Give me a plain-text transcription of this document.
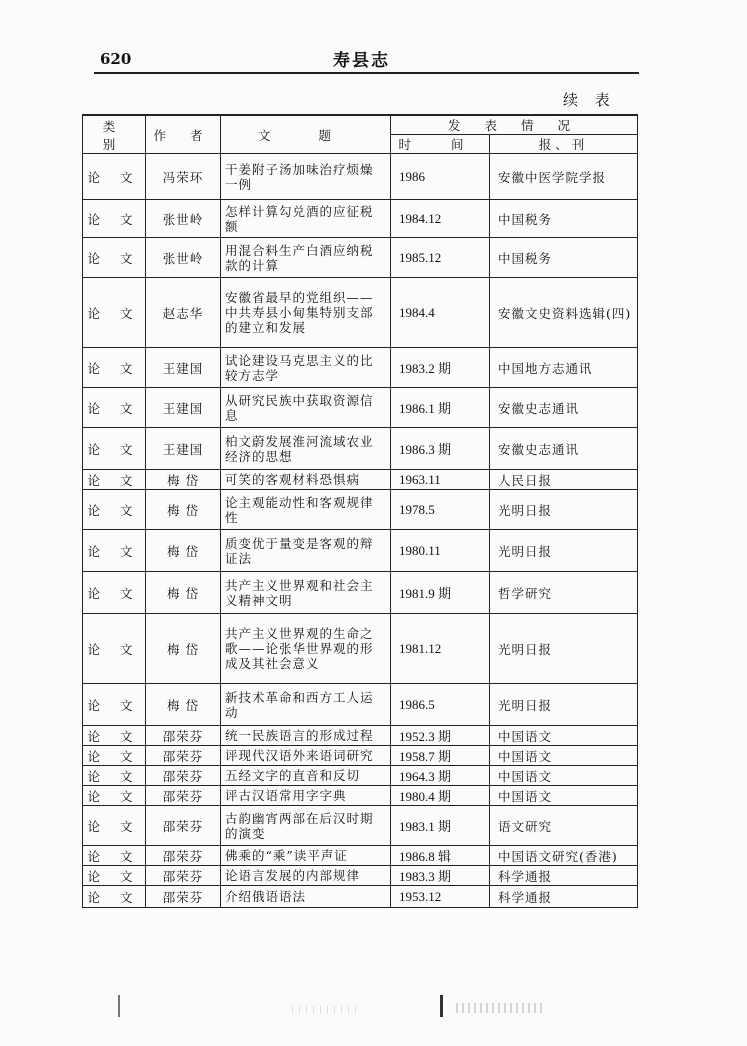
620	寿县志
续 表
类 别	作 者	文 题	发 表 情 况	
			时 间	报、刊
论 文	冯荣环	干姜附子汤加味治疗烦燥一例	1986	安徽中医学院学报
论 文	张世岭	怎样计算勾兑酒的应征税额	1984.12	中国税务
论 文	张世岭	用混合料生产白酒应纳税款的计算	1985.12	中国税务
论 文	赵志华	安徽省最早的党组织——中共寿县小甸集特别支部的建立和发展	1984.4	安徽文史资料选辑(四)
论 文	王建国	试论建设马克思主义的比较方志学	1983.2 期	中国地方志通讯
论 文	王建国	从研究民族中获取资源信息	1986.1 期	安徽史志通讯
论 文	王建国	柏文蔚发展淮河流域农业经济的思想	1986.3 期	安徽史志通讯
论 文	梅 岱	可笑的客观材料恐惧病	1963.11	人民日报
论 文	梅 岱	论主观能动性和客观规律性	1978.5	光明日报
论 文	梅 岱	质变优于量变是客观的辩证法	1980.11	光明日报
论 文	梅 岱	共产主义世界观和社会主义精神文明	1981.9 期	哲学研究
论 文	梅 岱	共产主义世界观的生命之歌——论张华世界观的形成及其社会意义	1981.12	光明日报
论 文	梅 岱	新技术革命和西方工人运动	1986.5	光明日报
论 文	邵荣芬	统一民族语言的形成过程	1952.3 期	中国语文
论 文	邵荣芬	评现代汉语外来语词研究	1958.7 期	中国语文
论 文	邵荣芬	五经文字的直音和反切	1964.3 期	中国语文
论 文	邵荣芬	评古汉语常用字字典	1980.4 期	中国语文
论 文	邵荣芬	古韵幽宵两部在后汉时期的演变	1983.1 期	语文研究
论 文	邵荣芬	佛乘的“乘”读平声证	1986.8 辑	中国语文研究(香港)
论 文	邵荣芬	论语言发展的内部规律	1983.3 期	科学通报
论 文	邵荣芬	介绍俄语语法	1953.12	科学通报
